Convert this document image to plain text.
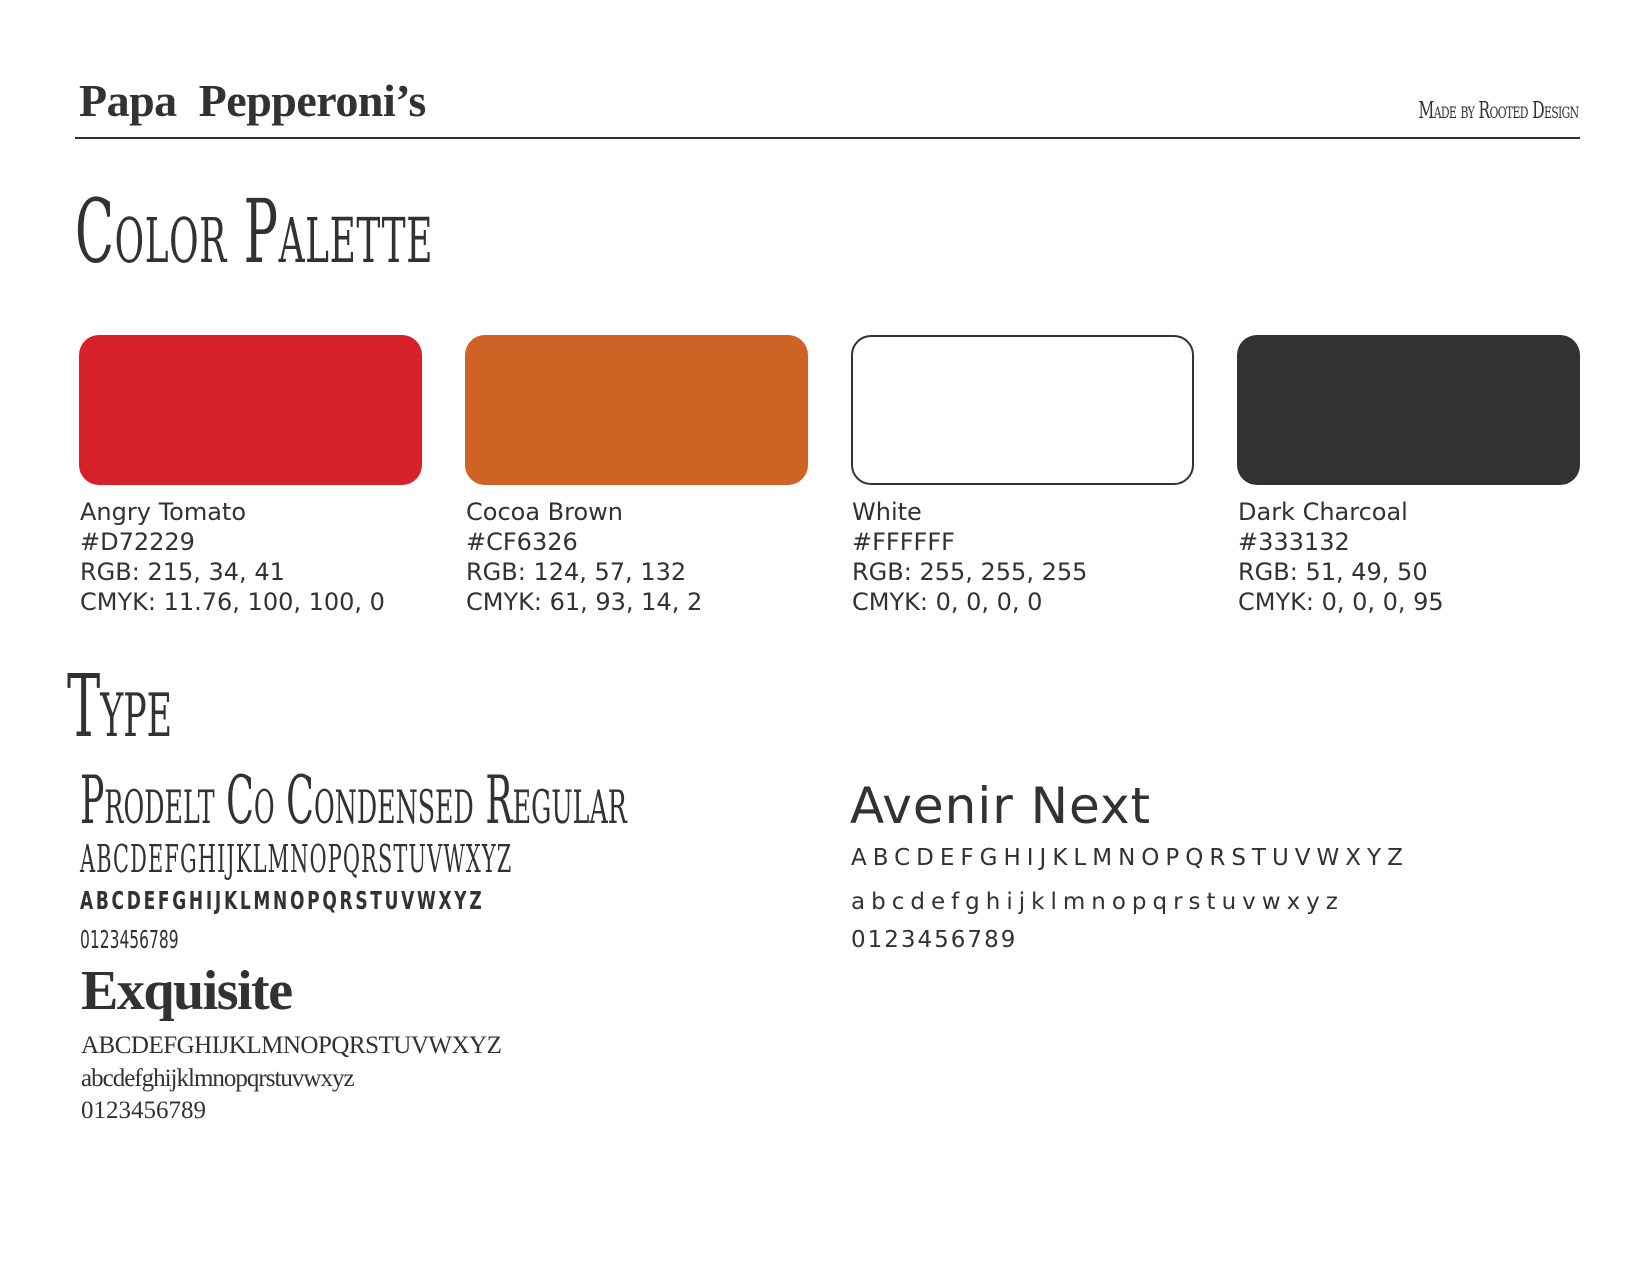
Papa  Pepperoni’s	Made by Rooted Design
Color Palette
Angry Tomato
#D72229
RGB: 215, 34, 41
CMYK: 11.76, 100, 100, 0
Cocoa Brown
#CF6326
RGB: 124, 57, 132
CMYK: 61, 93, 14, 2
White
#FFFFFF
RGB: 255, 255, 255
CMYK: 0, 0, 0, 0
Dark Charcoal
#333132
RGB: 51, 49, 50
CMYK: 0, 0, 0, 95
Type
Prodelt Co Condensed Regular
ABCDEFGHIJKLMNOPQRSTUVWXYZ
ABCDEFGHIJKLMNOPQRSTUVWXYZ
0123456789
Exquisite
ABCDEFGHIJKLMNOPQRSTUVWXYZ
abcdefghijklmnopqrstuvwxyz
0123456789
Avenir Next
ABCDEFGHIJKLMNOPQRSTUVWXYZ
abcdefghijklmnopqrstuvwxyz
0123456789
